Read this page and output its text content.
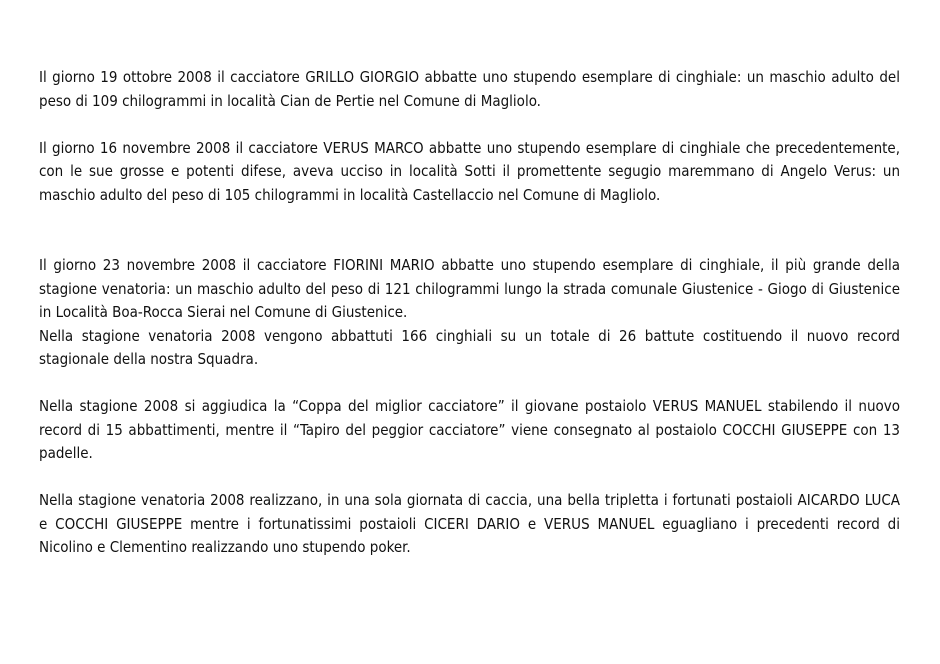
Il giorno 19 ottobre 2008 il cacciatore GRILLO GIORGIO abbatte uno stupendo esemplare di cinghiale: un maschio adulto del peso di 109 chilogrammi in località Cian de Pertie nel Comune di Magliolo.

Il giorno 16 novembre 2008 il cacciatore VERUS MARCO abbatte uno stupendo esemplare di cinghiale che precedentemente, con le sue grosse e potenti difese, aveva ucciso in località Sotti il promettente segugio maremmano di Angelo Verus: un maschio adulto del peso di 105 chilogrammi in località Castellaccio nel Comune di Magliolo.

Il giorno 23 novembre 2008 il cacciatore FIORINI MARIO abbatte uno stupendo esemplare di cinghiale, il più grande della stagione venatoria: un maschio adulto del peso di 121 chilogrammi lungo la strada comunale Giustenice - Giogo di Giustenice in Località Boa-Rocca Sierai nel Comune di Giustenice.

Nella stagione venatoria 2008 vengono abbattuti 166 cinghiali su un totale di 26 battute costituendo il nuovo record stagionale della nostra Squadra.

Nella stagione 2008 si aggiudica la “Coppa del miglior cacciatore” il giovane postaiolo VERUS MANUEL stabilendo il nuovo record di 15 abbattimenti, mentre il “Tapiro del peggior cacciatore” viene consegnato al postaiolo COCCHI GIUSEPPE con 13 padelle.

Nella stagione venatoria 2008 realizzano, in una sola giornata di caccia, una bella tripletta i fortunati postaioli AICARDO LUCA e COCCHI GIUSEPPE mentre i fortunatissimi postaioli CICERI DARIO e VERUS MANUEL eguagliano i precedenti record di Nicolino e Clementino realizzando uno stupendo poker.
